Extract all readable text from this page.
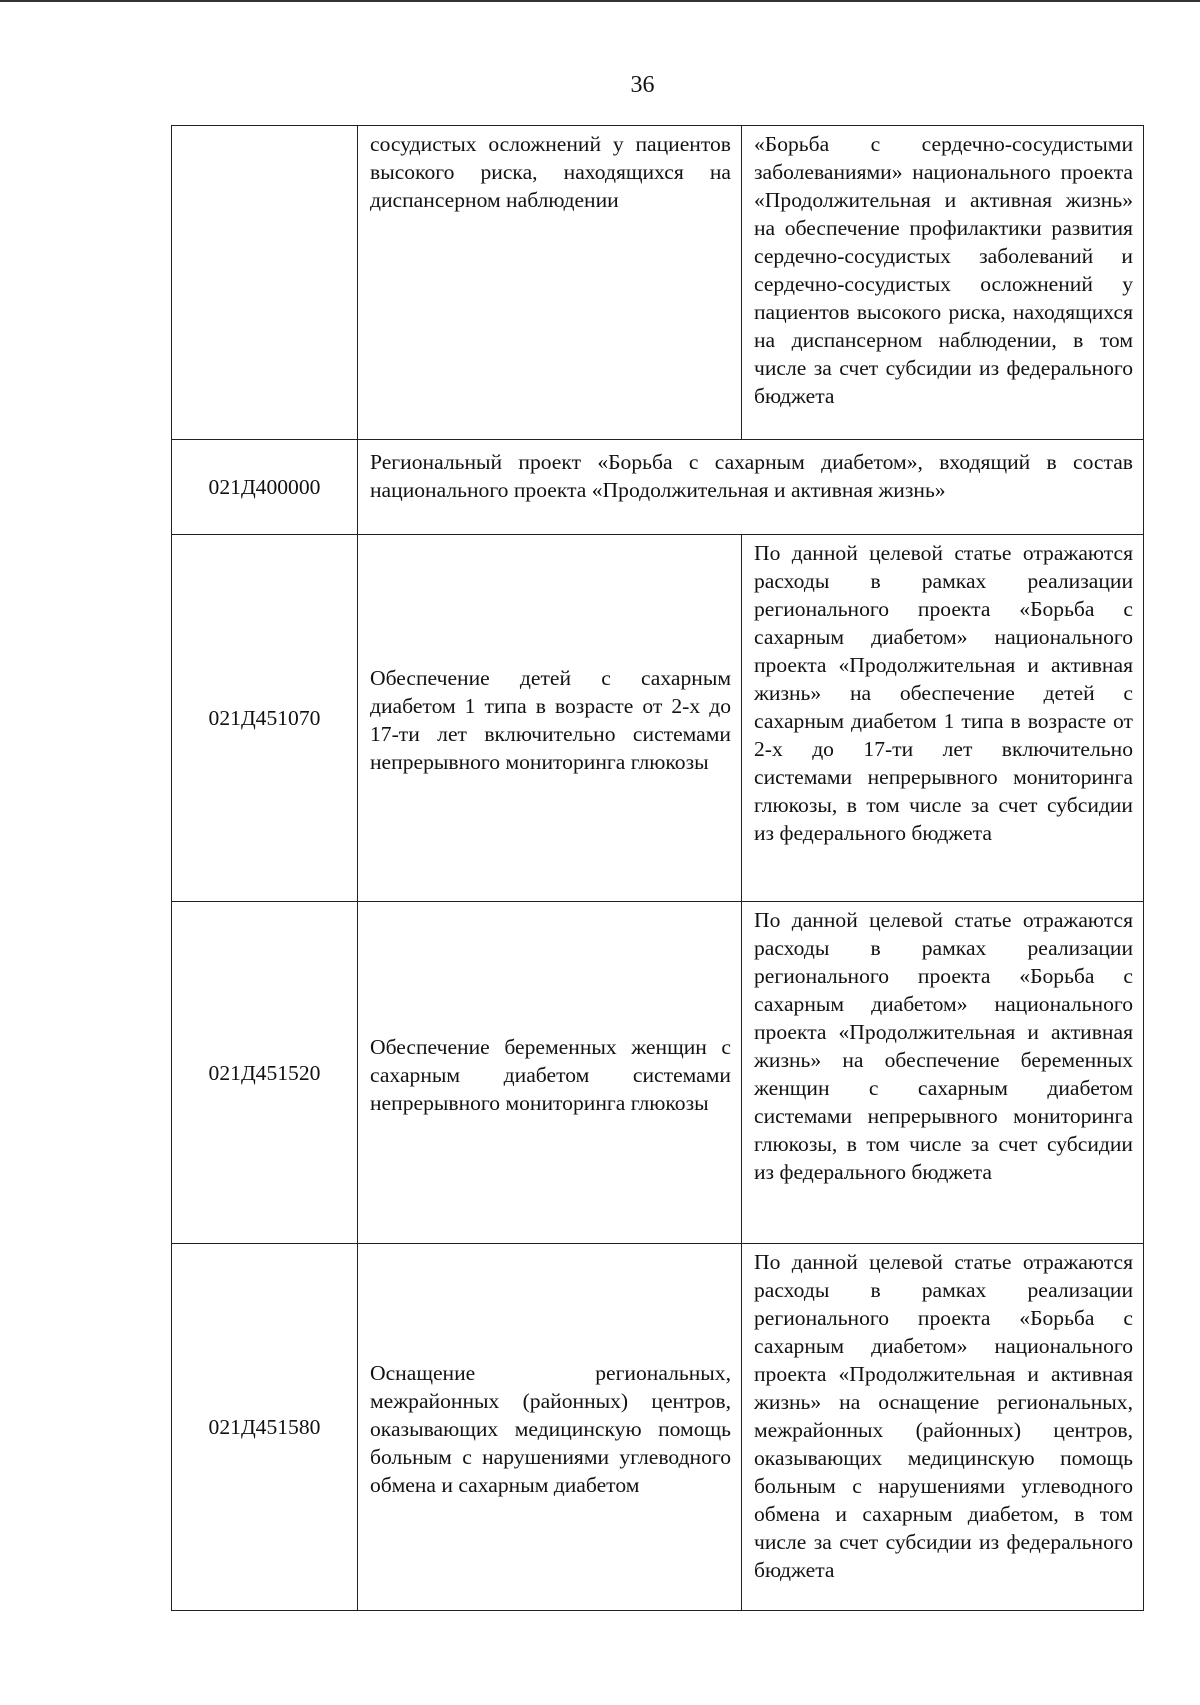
36
	сосудистых осложнений у пациентов высокого риска, находящихся на диспансерном наблюдении	«Борьба с сердечно-сосудистыми заболеваниями» национального проекта «Продолжительная и активная жизнь» на обеспечение профилактики развития сердечно-сосудистых заболеваний и сердечно-сосудистых осложнений у пациентов высокого риска, находящихся на диспансерном наблюдении, в том числе за счет субсидии из федерального бюджета
021Д400000	Региональный проект «Борьба с сахарным диабетом», входящий в состав национального проекта «Продолжительная и активная жизнь»	
021Д451070	Обеспечение детей с сахарным диабетом 1 типа в возрасте от 2-х до 17-ти лет включительно системами непрерывного мониторинга глюкозы	По данной целевой статье отражаются расходы в рамках реализации регионального проекта «Борьба с сахарным диабетом» национального проекта «Продолжительная и активная жизнь» на обеспечение детей с сахарным диабетом 1 типа в возрасте от 2-х до 17-ти лет включительно системами непрерывного мониторинга глюкозы, в том числе за счет субсидии из федерального бюджета
021Д451520	Обеспечение беременных женщин с сахарным диабетом системами непрерывного мониторинга глюкозы	По данной целевой статье отражаются расходы в рамках реализации регионального проекта «Борьба с сахарным диабетом» национального проекта «Продолжительная и активная жизнь» на обеспечение беременных женщин с сахарным диабетом системами непрерывного мониторинга глюкозы, в том числе за счет субсидии из федерального бюджета
021Д451580	Оснащение региональных, межрайонных (районных) центров, оказывающих медицинскую помощь больным с нарушениями углеводного обмена и сахарным диабетом	По данной целевой статье отражаются расходы в рамках реализации регионального проекта «Борьба с сахарным диабетом» национального проекта «Продолжительная и активная жизнь» на оснащение региональных, межрайонных (районных) центров, оказывающих медицинскую помощь больным с нарушениями углеводного обмена и сахарным диабетом, в том числе за счет субсидии из федерального бюджета
